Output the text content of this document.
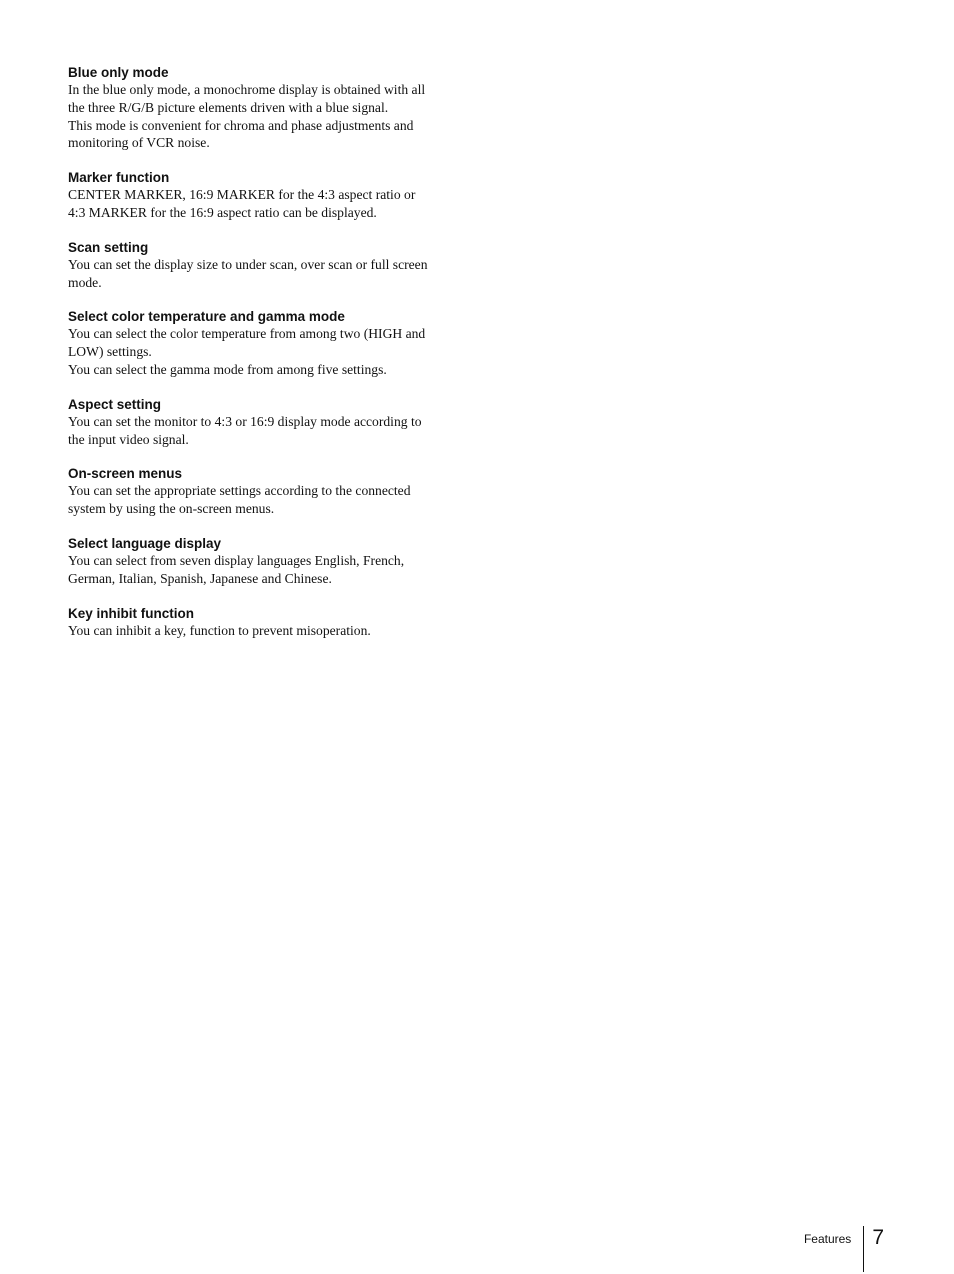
Blue only mode

In the blue only mode, a monochrome display is obtained with all
the three R/G/B picture elements driven with a blue signal.
This mode is convenient for chroma and phase adjustments and
monitoring of VCR noise.

Marker function

CENTER MARKER, 16:9 MARKER for the 4:3 aspect ratio or
4:3 MARKER for the 16:9 aspect ratio can be displayed.

Scan setting

You can set the display size to under scan, over scan or full screen
mode.

Select color temperature and gamma mode

You can select the color temperature from among two (HIGH and
LOW) settings.
You can select the gamma mode from among five settings.

Aspect setting

You can set the monitor to 4:3 or 16:9 display mode according to
the input video signal.

On-screen menus

You can set the appropriate settings according to the connected
system by using the on-screen menus.

Select language display

You can select from seven display languages English, French,
German, Italian, Spanish, Japanese and Chinese.

Key inhibit function

You can inhibit a key, function to prevent misoperation.

Features 7
